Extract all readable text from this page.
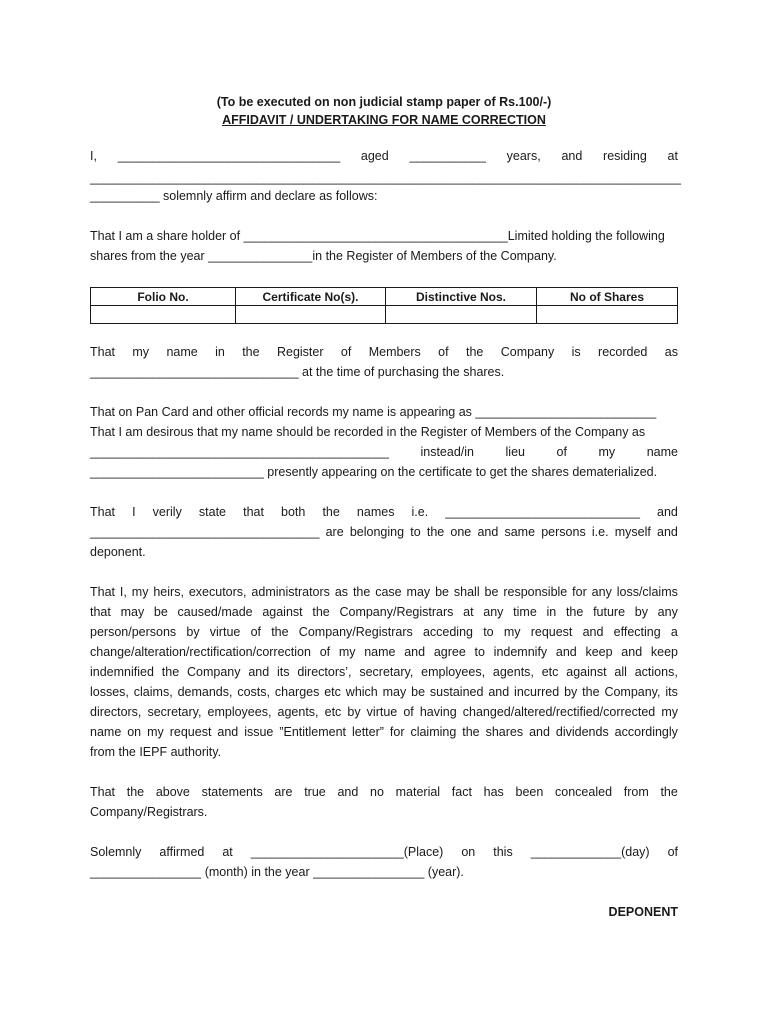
(To be executed on non judicial stamp paper of Rs.100/-)
AFFIDAVIT / UNDERTAKING FOR NAME CORRECTION
I, ________________________________ aged ___________ years, and residing at
_____________________________________________________________________________________
__________ solemnly affirm and declare as follows:
That I am a share holder of ______________________________________Limited holding the following
shares from the year _______________in the Register of Members of the Company.
Folio No.	Certificate No(s).	Distinctive Nos.	No of Shares

That my name in the Register of Members of the Company is recorded as
______________________________ at the time of purchasing the shares.
That on Pan Card and other official records my name is appearing as __________________________
That I am desirous that my name should be recorded in the Register of Members of the Company as
___________________________________________	instead/in	lieu	of	my	name
_________________________ presently appearing on the certificate to get the shares dematerialized.
That I verily state that both the names i.e. ____________________________ and
_________________________________ are belonging to the one and same persons i.e. myself and
deponent.
That I, my heirs, executors, administrators as the case may be shall be responsible for any loss/claims
that may be caused/made against the Company/Registrars at any time in the future by any
person/persons by virtue of the Company/Registrars acceding to my request and effecting a
change/alteration/rectification/correction of my name and agree to indemnify and keep and keep
indemnified the Company and its directors’, secretary, employees, agents, etc against all actions,
losses, claims, demands, costs, charges etc which may be sustained and incurred by the Company, its
directors, secretary, employees, agents, etc by virtue of having changed/altered/rectified/corrected my
name on my request and issue ”Entitlement letter” for claiming the shares and dividends accordingly
from the IEPF authority.
That the above statements are true and no material fact has been concealed from the
Company/Registrars.
Solemnly affirmed at ______________________(Place) on this _____________(day) of
________________ (month) in the year ________________ (year).
DEPONENT
